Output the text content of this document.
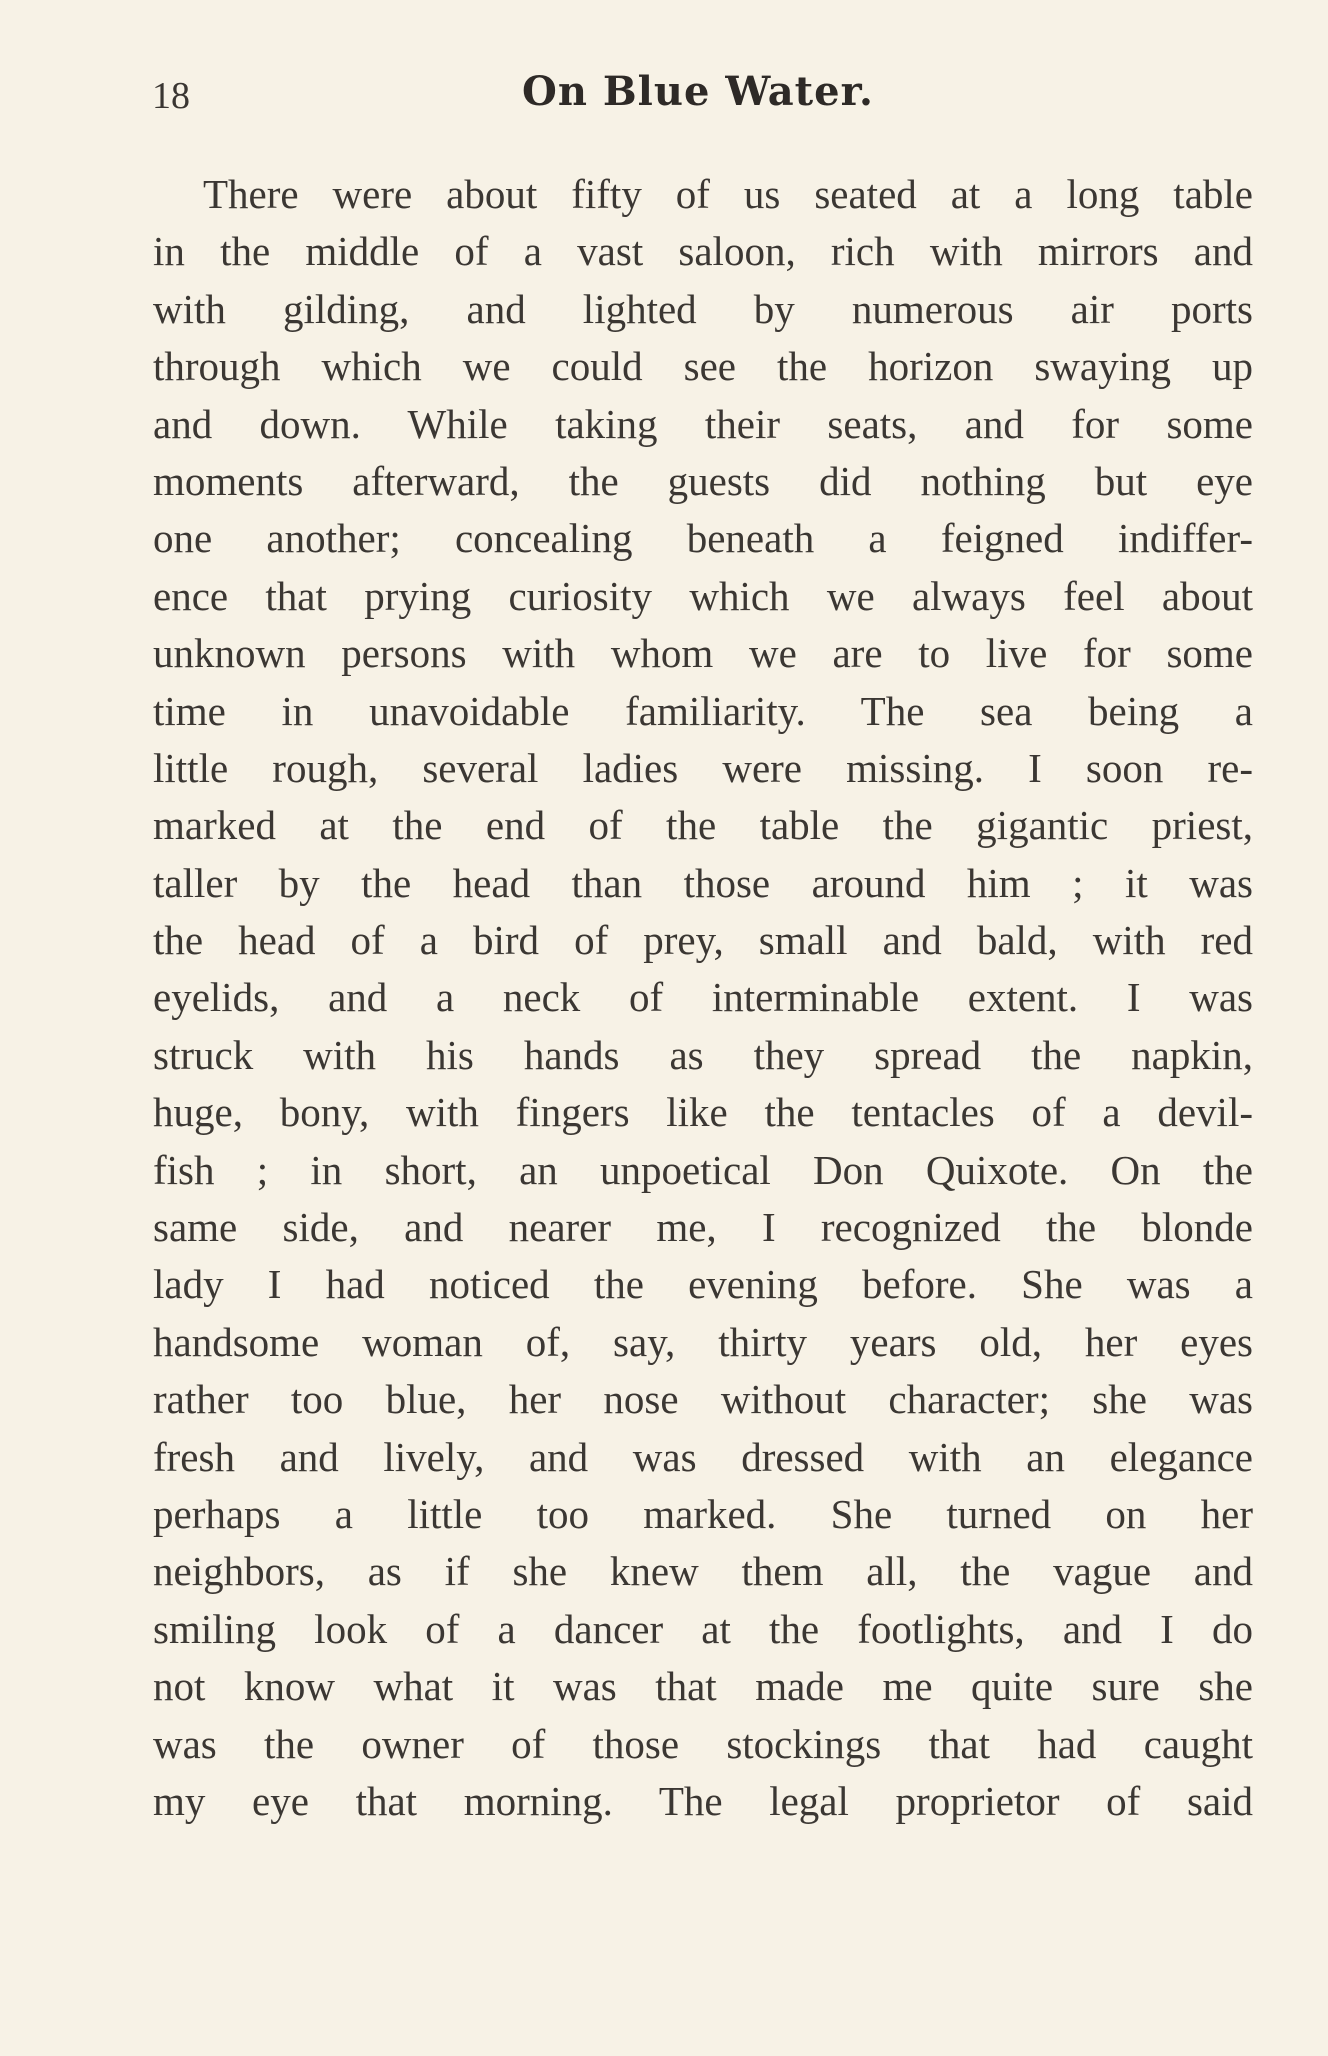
18	On Blue Water.
There were about fifty of us seated at a long table
in the middle of a vast saloon, rich with mirrors and
with gilding, and lighted by numerous air ports
through which we could see the horizon swaying up
and down. While taking their seats, and for some
moments afterward, the guests did nothing but eye
one another; concealing beneath a feigned indiffer-
ence that prying curiosity which we always feel about
unknown persons with whom we are to live for some
time in unavoidable familiarity. The sea being a
little rough, several ladies were missing. I soon re-
marked at the end of the table the gigantic priest,
taller by the head than those around him ; it was
the head of a bird of prey, small and bald, with red
eyelids, and a neck of interminable extent. I was
struck with his hands as they spread the napkin,
huge, bony, with fingers like the tentacles of a devil-
fish ; in short, an unpoetical Don Quixote. On the
same side, and nearer me, I recognized the blonde
lady I had noticed the evening before. She was a
handsome woman of, say, thirty years old, her eyes
rather too blue, her nose without character; she was
fresh and lively, and was dressed with an elegance
perhaps a little too marked. She turned on her
neighbors, as if she knew them all, the vague and
smiling look of a dancer at the footlights, and I do
not know what it was that made me quite sure she
was the owner of those stockings that had caught
my eye that morning. The legal proprietor of said
